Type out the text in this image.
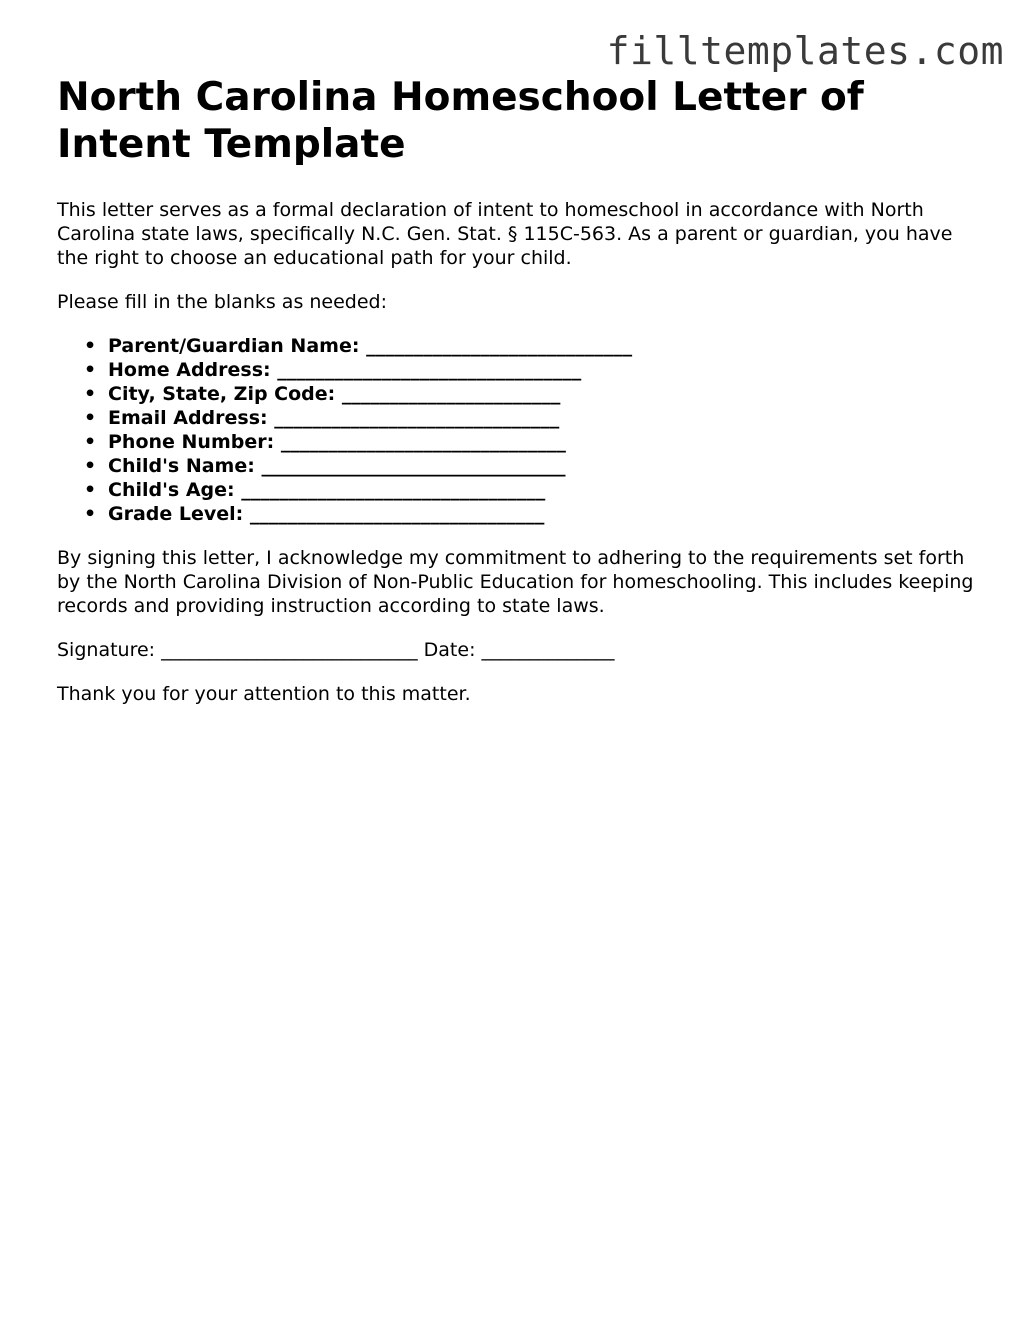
filltemplates.com
North Carolina Homeschool Letter of Intent Template

This letter serves as a formal declaration of intent to homeschool in accordance with North Carolina state laws, specifically N.C. Gen. Stat. § 115C-563. As a parent or guardian, you have the right to choose an educational path for your child.

Please fill in the blanks as needed:

• Parent/Guardian Name: ____________________________
• Home Address: ________________________________
• City, State, Zip Code: _______________________
• Email Address: ______________________________
• Phone Number: ______________________________
• Child's Name: ________________________________
• Child's Age: ________________________________
• Grade Level: _______________________________

By signing this letter, I acknowledge my commitment to adhering to the requirements set forth by the North Carolina Division of Non-Public Education for homeschooling. This includes keeping records and providing instruction according to state laws.

Signature: ___________________________ Date: ______________

Thank you for your attention to this matter.
